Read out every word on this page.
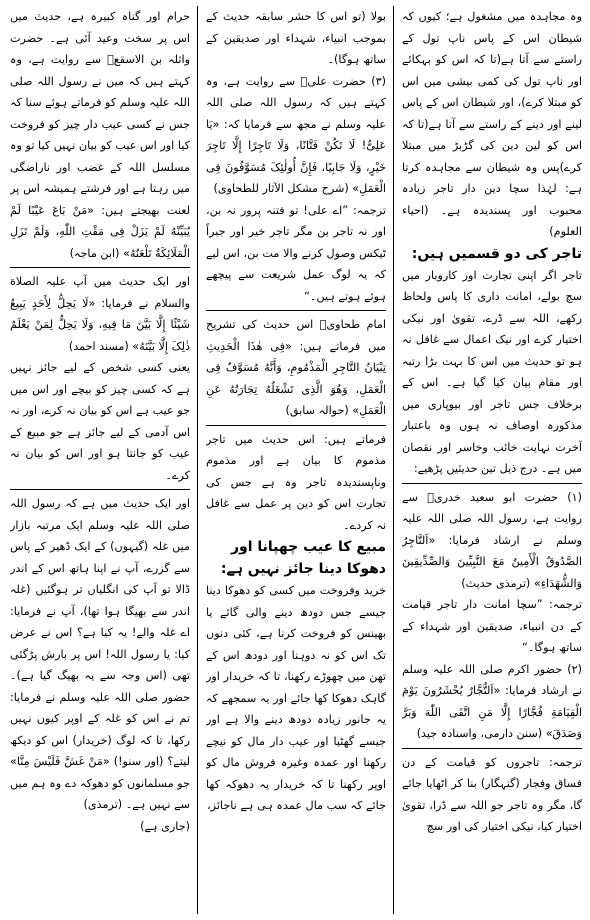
وہ مجاہدہ میں مشغول ہے؛ کیوں کہ شیطان اس کے پاس ناپ تول کے راستے سے آتا ہے(تا کہ اس کو بہکائے اور ناپ تول کی کمی بیشی میں اس کو مبتلا کرے)، اور شیطان اس کے پاس لینے اور دینے کے راستے سے آتا ہے(تا کہ اس کو لین دین کی گڑبڑ میں مبتلا کرے)پس وہ شیطان سے مجاہدہ کرتا ہے: لہٰذا سچا دین دار تاجر زیادہ محبوب اور پسندیدہ ہے۔ (احیاء العلوم)

تاجر کی دو قسمیں ہیں:

تاجر اگر اپنی تجارت اور کاروبار میں سچ بولے، امانت داری کا پاس ولحاظ رکھے، اللہ سے ڈرے، تقویٰ اور نیکی اختیار کرے اور نیک اعمال سے غافل نہ ہو تو حدیث میں اس کا بہت بڑا رتبہ اور مقام بیان کیا گیا ہے۔ اس کے برخلاف جس تاجر اور بیوپاری میں مذکورہ اوصاف نہ ہوں وہ باعتبار آخرت نہایت خائب وخاسر اور نقصان میں ہے۔ درج ذیل تین حدیثیں پڑھیے:

(۱) حضرت ابو سعید خدریؓ سے روایت ہے، رسول اللہ صلی اللہ علیہ وسلم نے ارشاد فرمایا: «اَلتَّاجِرُ الصَّدُوقُ الْأَمِینُ مَعَ النَّبِیِّینَ وَالصِّدِّیقِینَ وَالشُّهَدَاءِ» (ترمذی حدیث)

ترجمہ: ”سچا امانت دار تاجر قیامت کے دن انبیاء، صدیقین اور شہداء کے ساتھ ہوگا۔“

(۲) حضور اکرم صلی اللہ علیہ وسلم نے ارشاد فرمایا: «اَلتُّجَّارُ یُحْشَرُونَ یَوْمَ الْقِیَامَةِ فُجَّارًا إِلَّا مَنِ اتَّقَى اللّٰهَ وَبَرَّ وَصَدَقَ» (سنن دارمی، واسنادہ جید)

ترجمہ: تاجروں کو قیامت کے دن فساق وفجار (گنہگار) بنا کر اٹھایا جائے گا، مگر وہ تاجر جو اللہ سے ڈرا، تقویٰ اختیار کیا، نیکی اختیار کی اور سچ

بولا (تو اس کا حشر سابقہ حدیث کے بموجب انبیاء، شہداء اور صدیقین کے ساتھ ہوگا)۔

(۳) حضرت علیؓ سے روایت ہے، وہ کہتے ہیں کہ رسول اللہ صلی اللہ علیہ وسلم نے مجھ سے فرمایا کہ: «یَا عَلِیُّ! لَا تَکُنْ فَتَّانًا، وَلَا تَاجِرًا إِلَّا تَاجِرَ خَیْرٍ، وَلَا جَابِیًا، فَإِنَّ أُولٰئِکَ مُسَوَّفُونَ فِی الْعَمَلِ» (شرح مشکل الآثار للطحاوی)

ترجمہ: ”اے علی! تو فتنہ پرور نہ بن، اور نہ تاجر بن مگر تاجر خیر اور جبراً ٹیکس وصول کرنے والا مت بن، اس لیے کہ یہ لوگ عمل شریعت سے پیچھے ہوئے ہوتے ہیں۔“

امام طحاویؒ اس حدیث کی تشریح میں فرماتے ہیں: «فِی هٰذَا الْحَدِیثِ تِبْیَانُ التَّاجِرِ الْمَذْمُومِ، وَأَنَّهُ مُسَوَّفٌ فِی الْعَمَلِ، وَهُوَ الَّذِی تَشْغَلُهُ تِجَارَتُهُ عَنِ الْعَمَلِ» (حوالہ سابق)

فرماتے ہیں: اس حدیث میں تاجر مذموم کا بیان ہے اور مذموم وناپسندیدہ تاجر وہ ہے جس کی تجارت اس کو دین پر عمل سے غافل نہ کردے۔

مبیع کا عیب چھپانا اور دھوکا دینا جائز نہیں ہے:

خرید وفروخت میں کسی کو دھوکا دینا جیسے جس دودھ دینے والی گائے یا بھینس کو فروخت کرنا ہے، کئی دنوں تک اس کو نہ دوہنا اور دودھ اس کے تھن میں چھوڑے رکھنا، تا کہ خریدار اور گاہک دھوکا کھا جائے اور یہ سمجھے کہ یہ جانور زیادہ دودھ دینے والا ہے اور جیسے گھٹیا اور عیب دار مال کو نیچے رکھنا اور عمدہ وغیرہ فروش مال کو اوپر رکھنا تا کہ خریدار یہ دھوکہ کھا جائے کہ سب مال عمدہ ہی ہے ناجائز،

حرام اور گناہ کبیرہ ہے، حدیث میں اس پر سخت وعید آئی ہے۔ حضرت واثلہ بن الاسقعؓ سے روایت ہے، وہ کہتے ہیں کہ میں نے رسول اللہ صلی اللہ علیہ وسلم کو فرماتے ہوئے سنا کہ جس نے کسی عیب دار چیز کو فروخت کیا اور اس عیب کو بیان نہیں کیا تو وہ مسلسل اللہ کے غضب اور ناراضگی میں رہتا ہے اور فرشتے ہمیشہ اس پر لعنت بھیجتے ہیں: «مَنْ بَاعَ عَیْبًا لَمْ یُبَیِّنْهُ لَمْ یَزَلْ فِی مَقْتِ اللّٰهِ، وَلَمْ تَزَلِ الْمَلَائِکَةُ تَلْعَنُهُ» (ابن ماجہ)

اور ایک حدیث میں آپ علیہ الصلاة والسلام نے فرمایا: «لَا یَحِلُّ لِأَحَدٍ یَبِیعُ شَیْئًا إِلَّا بَیَّنَ مَا فِیهِ، وَلَا یَحِلُّ لِمَنْ یَعْلَمُ ذٰلِکَ إِلَّا بَیَّنَهُ» (مسند احمد)

یعنی کسی شخص کے لیے جائز نہیں ہے کہ کسی چیز کو بیچے اور اس میں جو عیب ہے اس کو بیان نہ کرے، اور نہ اس آدمی کے لیے جائز ہے جو مبیع کے عیب کو جانتا ہو اور اس کو بیان نہ کرے۔

اور ایک حدیث میں ہے کہ رسول اللہ صلی اللہ علیہ وسلم ایک مرتبہ بازار میں غلہ (گیہوں) کے ایک ڈھیر کے پاس سے گزرے، آپ نے اپنا ہاتھ اس کے اندر ڈالا تو آپ کی انگلیاں تر ہوگئیں (غلہ اندر سے بھیگا ہوا تھا)، آپ نے فرمایا: اے غلہ والے! یہ کیا ہے؟ اس نے عرض کیا: یا رسول اللہ! اس پر بارش پڑگئی تھی (اس وجہ سے یہ بھیگ گیا ہے)۔ حضور صلی اللہ علیہ وسلم نے فرمایا: تم نے اس کو غلہ کے اوپر کیوں نہیں رکھا، تا کہ لوگ (خریدار) اس کو دیکھ لیتے؟ (اور سنو!) «مَنْ غَشَّ فَلَیْسَ مِنَّا» جو مسلمانوں کو دھوکہ دے وہ ہم میں سے نہیں ہے۔ (ترمذی)

(جاری ہے)
